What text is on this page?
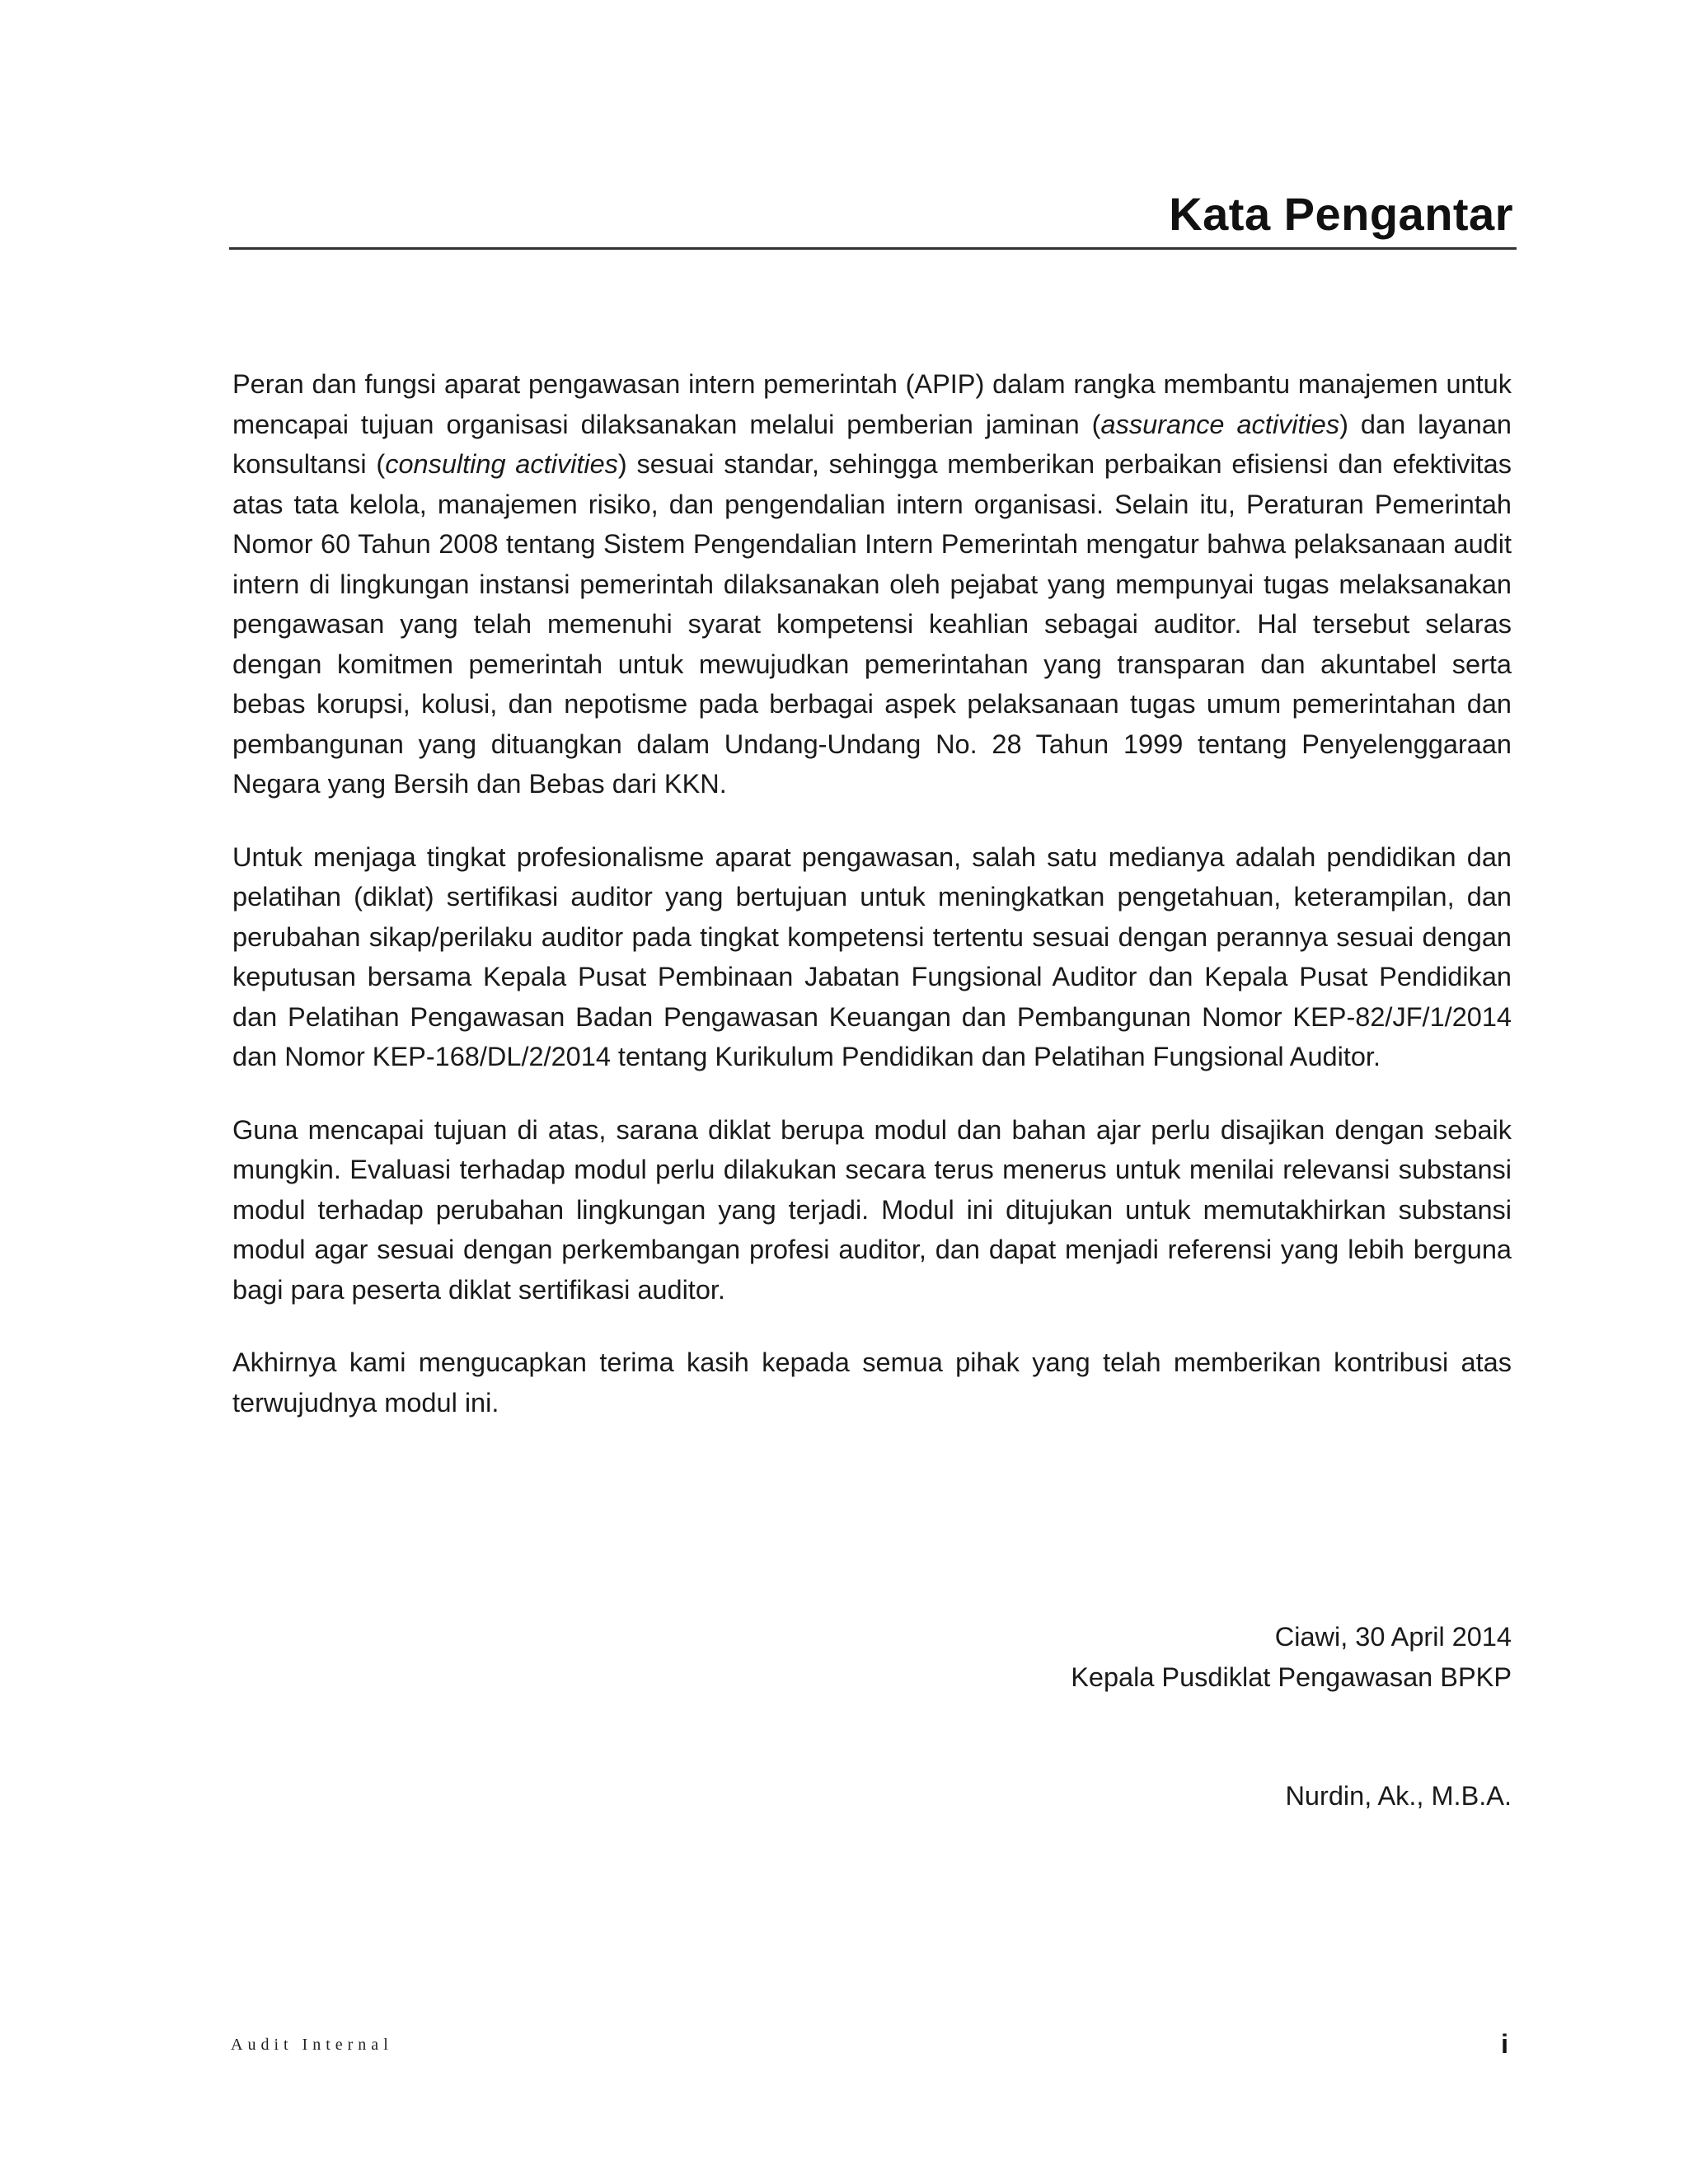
Kata Pengantar

Peran dan fungsi aparat pengawasan intern pemerintah (APIP) dalam rangka membantu manajemen untuk mencapai tujuan organisasi dilaksanakan melalui pemberian jaminan (assurance activities) dan layanan konsultansi (consulting activities) sesuai standar, sehingga memberikan perbaikan efisiensi dan efektivitas atas tata kelola, manajemen risiko, dan pengendalian intern organisasi. Selain itu, Peraturan Pemerintah Nomor 60 Tahun 2008 tentang Sistem Pengendalian Intern Pemerintah mengatur bahwa pelaksanaan audit intern di lingkungan instansi pemerintah dilaksanakan oleh pejabat yang mempunyai tugas melaksanakan pengawasan yang telah memenuhi syarat kompetensi keahlian sebagai auditor. Hal tersebut selaras dengan komitmen pemerintah untuk mewujudkan pemerintahan yang transparan dan akuntabel serta bebas korupsi, kolusi, dan nepotisme pada berbagai aspek pelaksanaan tugas umum pemerintahan dan pembangunan yang dituangkan dalam Undang-Undang No. 28 Tahun 1999 tentang Penyelenggaraan Negara yang Bersih dan Bebas dari KKN.

Untuk menjaga tingkat profesionalisme aparat pengawasan, salah satu medianya adalah pendidikan dan pelatihan (diklat) sertifikasi auditor yang bertujuan untuk meningkatkan pengetahuan, keterampilan, dan perubahan sikap/perilaku auditor pada tingkat kompetensi tertentu sesuai dengan perannya sesuai dengan keputusan bersama Kepala Pusat Pembinaan Jabatan Fungsional Auditor dan Kepala Pusat Pendidikan dan Pelatihan Pengawasan Badan Pengawasan Keuangan dan Pembangunan Nomor KEP-82/JF/1/2014 dan Nomor KEP-168/DL/2/2014 tentang Kurikulum Pendidikan dan Pelatihan Fungsional Auditor.

Guna mencapai tujuan di atas, sarana diklat berupa modul dan bahan ajar perlu disajikan dengan sebaik mungkin. Evaluasi terhadap modul perlu dilakukan secara terus menerus untuk menilai relevansi substansi modul terhadap perubahan lingkungan yang terjadi. Modul ini ditujukan untuk memutakhirkan substansi modul agar sesuai dengan perkembangan profesi auditor, dan dapat menjadi referensi yang lebih berguna bagi para peserta diklat sertifikasi auditor.

Akhirnya kami mengucapkan terima kasih kepada semua pihak yang telah memberikan kontribusi atas terwujudnya modul ini.

Ciawi, 30 April 2014
Kepala Pusdiklat Pengawasan BPKP
Nurdin, Ak., M.B.A.
Audit Internal	i
